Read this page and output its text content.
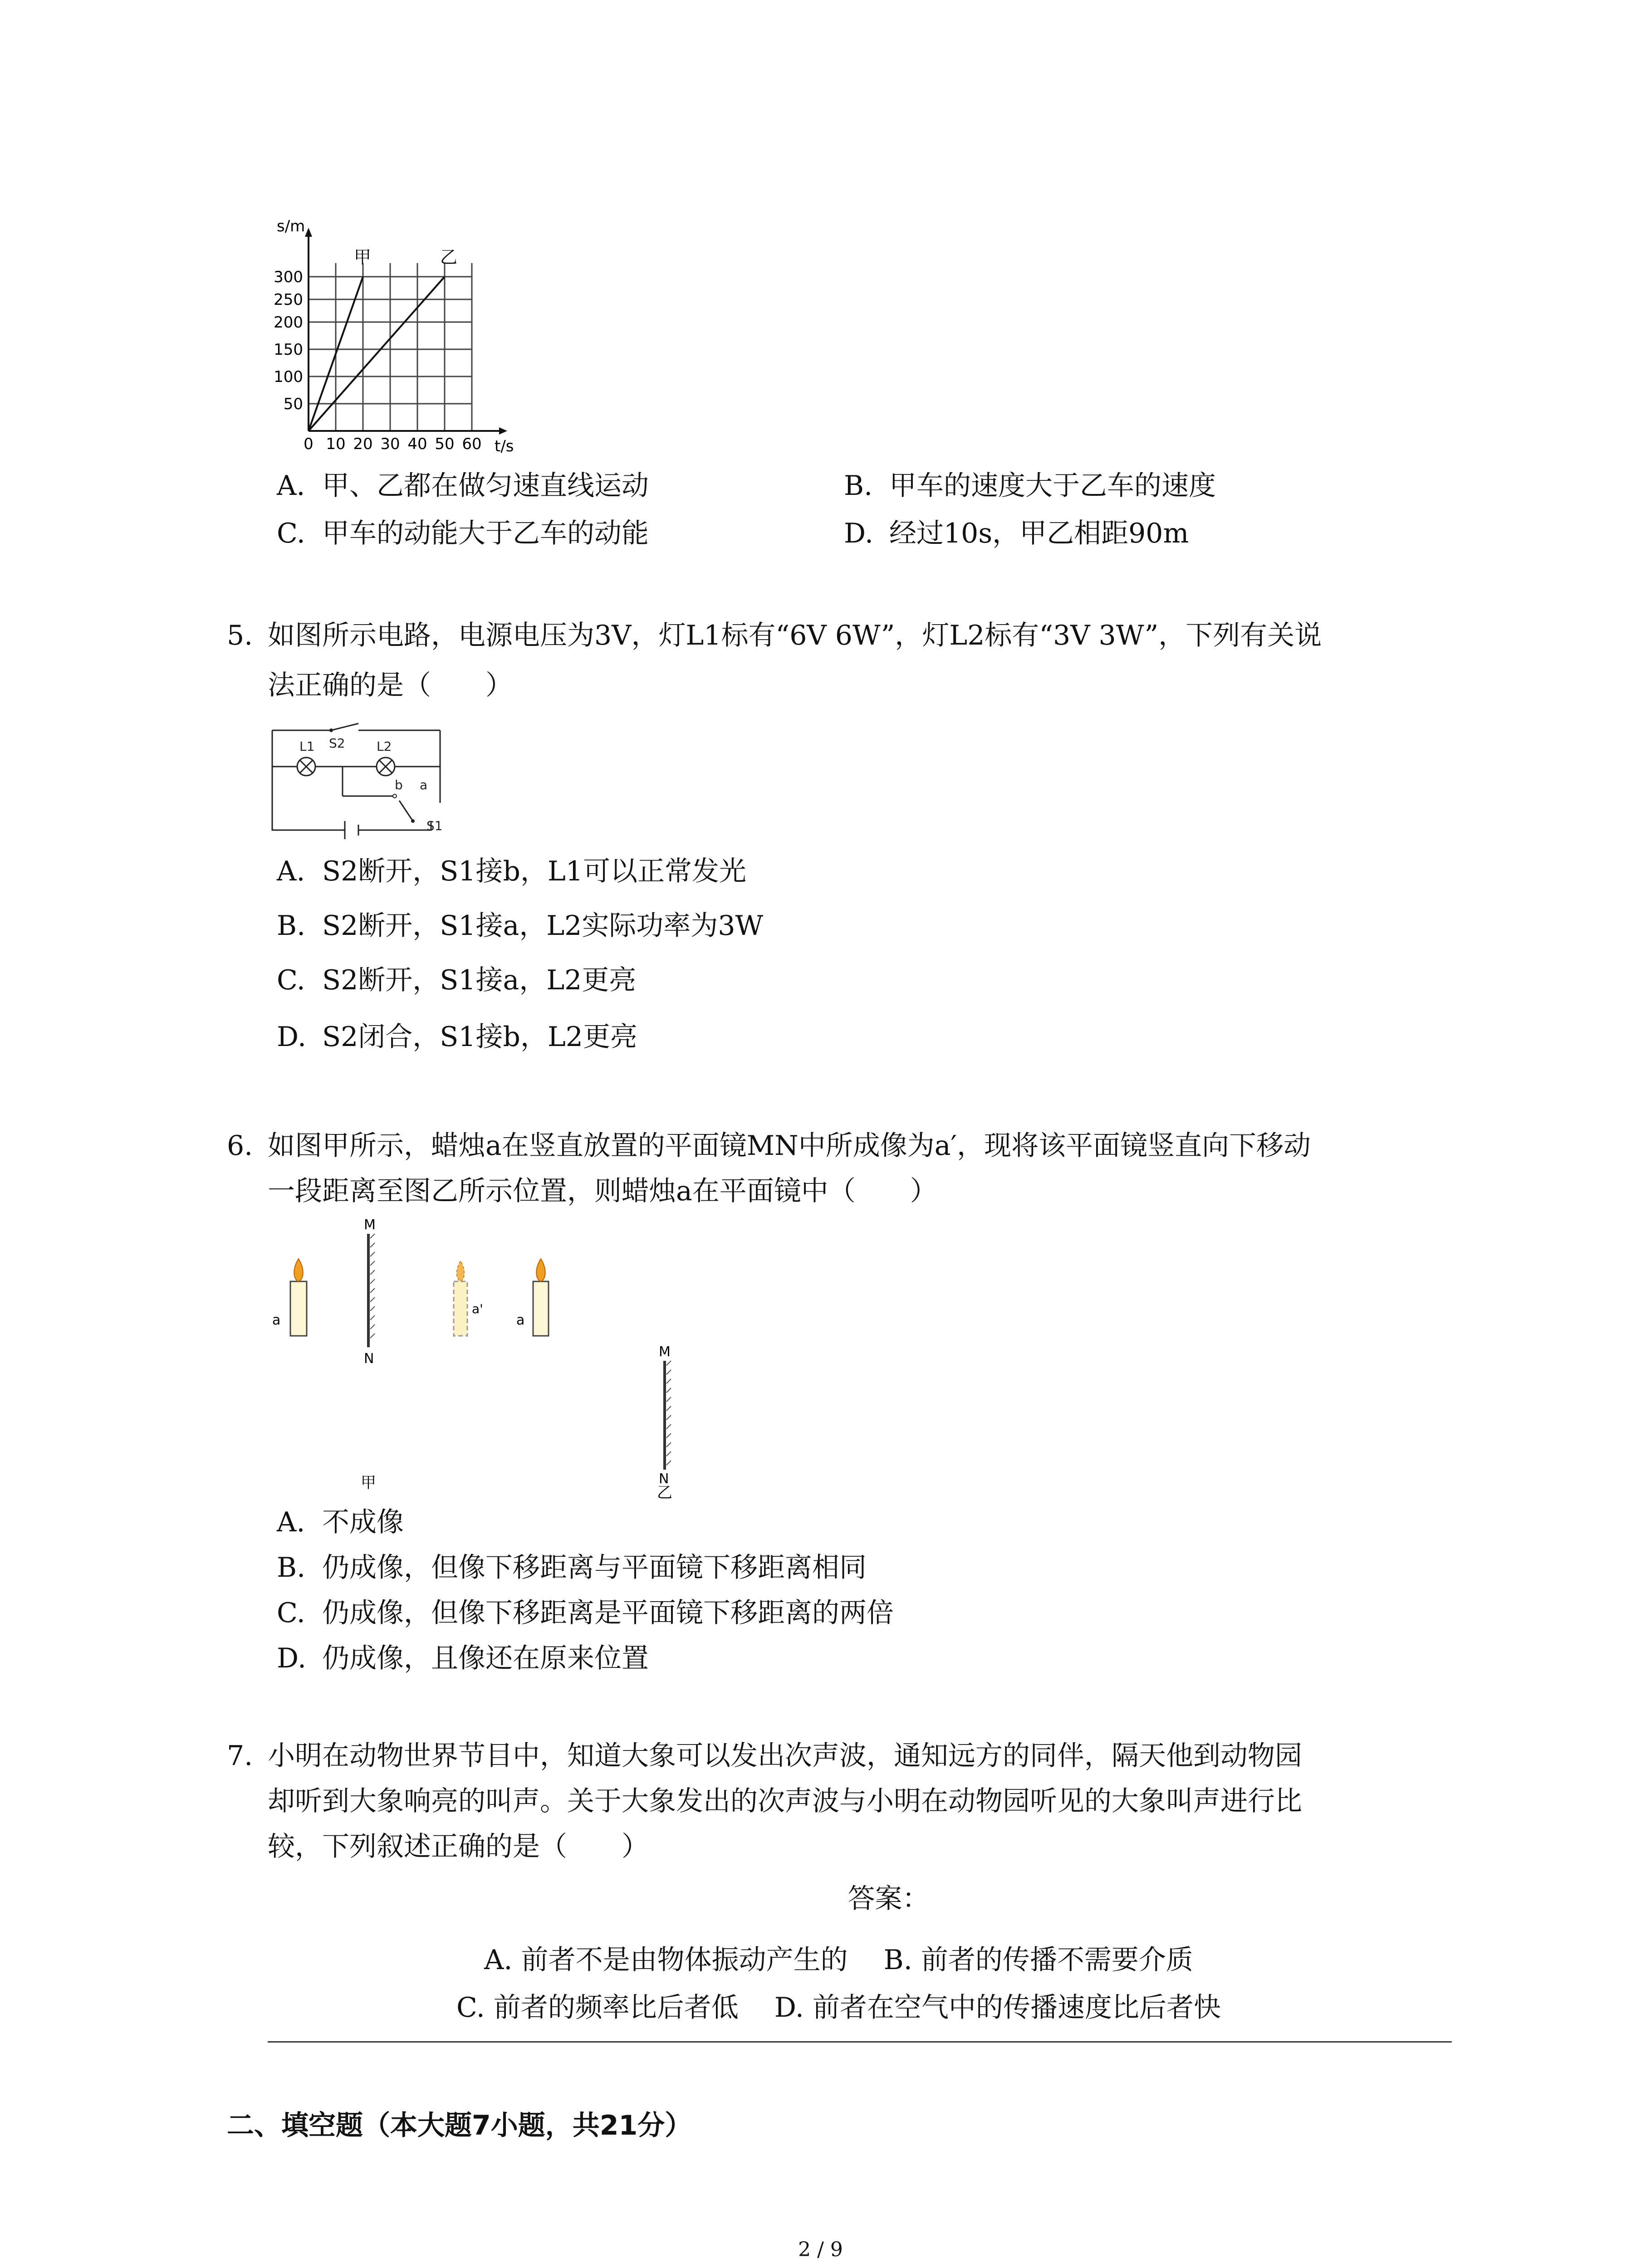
s/m
t/s
甲	乙
300
250
200
150
100
50
0 10 20 30 40 50 60
A. 甲、乙都在做匀速直线运动	B. 甲车的速度大于乙车的速度
C. 甲车的动能大于乙车的动能	D. 经过10s，甲乙相距90m
5. 如图所示电路，电源电压为3V，灯L1标有“6V 6W”，灯L2标有“3V 3W”，下列有关说
法正确的是（　　）
L1 S2 L2
b a
S1
A. S2断开，S1接b，L1可以正常发光
B. S2断开，S1接a，L2实际功率为3W
C. S2断开，S1接a，L2更亮
D. S2闭合，S1接b，L2更亮
6. 如图甲所示，蜡烛a在竖直放置的平面镜MN中所成像为a′，现将该平面镜竖直向下移动
一段距离至图乙所示位置，则蜡烛a在平面镜中（　　）
a
M
N
a'
甲
a
M
N
乙
A. 不成像
B. 仍成像，但像下移距离与平面镜下移距离相同
C. 仍成像，但像下移距离是平面镜下移距离的两倍
D. 仍成像，且像还在原来位置
7. 小明在动物世界节目中，知道大象可以发出次声波，通知远方的同伴，隔天他到动物园
却听到大象响亮的叫声。关于大象发出的次声波与小明在动物园听见的大象叫声进行比
较，下列叙述正确的是（　　）
答案：
A. 前者不是由物体振动产生的　 B. 前者的传播不需要介质
C. 前者的频率比后者低　 D. 前者在空气中的传播速度比后者快
二、填空题（本大题7小题，共21分）
2 / 9
